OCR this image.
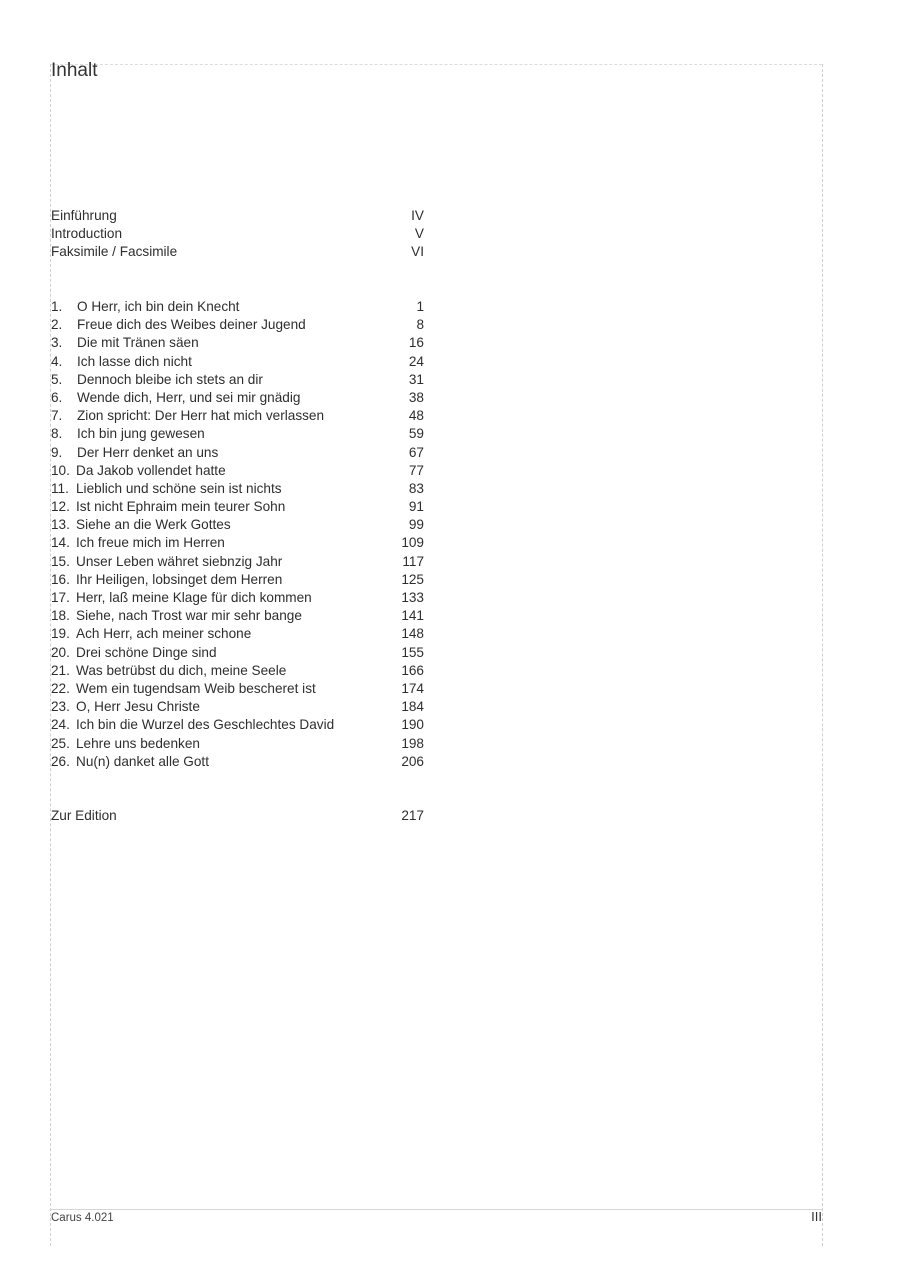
Inhalt
Einführung	IV
Introduction	V
Faksimile / Facsimile	VI
1. O Herr, ich bin dein Knecht	1
2. Freue dich des Weibes deiner Jugend	8
3. Die mit Tränen säen	16
4. Ich lasse dich nicht	24
5. Dennoch bleibe ich stets an dir	31
6. Wende dich, Herr, und sei mir gnädig	38
7. Zion spricht: Der Herr hat mich verlassen	48
8. Ich bin jung gewesen	59
9. Der Herr denket an uns	67
10. Da Jakob vollendet hatte	77
11. Lieblich und schöne sein ist nichts	83
12. Ist nicht Ephraim mein teurer Sohn	91
13. Siehe an die Werk Gottes	99
14. Ich freue mich im Herren	109
15. Unser Leben währet siebnzig Jahr	117
16. Ihr Heiligen, lobsinget dem Herren	125
17. Herr, laß meine Klage für dich kommen	133
18. Siehe, nach Trost war mir sehr bange	141
19. Ach Herr, ach meiner schone	148
20. Drei schöne Dinge sind	155
21. Was betrübst du dich, meine Seele	166
22. Wem ein tugendsam Weib bescheret ist	174
23. O, Herr Jesu Christe	184
24. Ich bin die Wurzel des Geschlechtes David	190
25. Lehre uns bedenken	198
26. Nu(n) danket alle Gott	206
Zur Edition	217
Carus 4.021	III
